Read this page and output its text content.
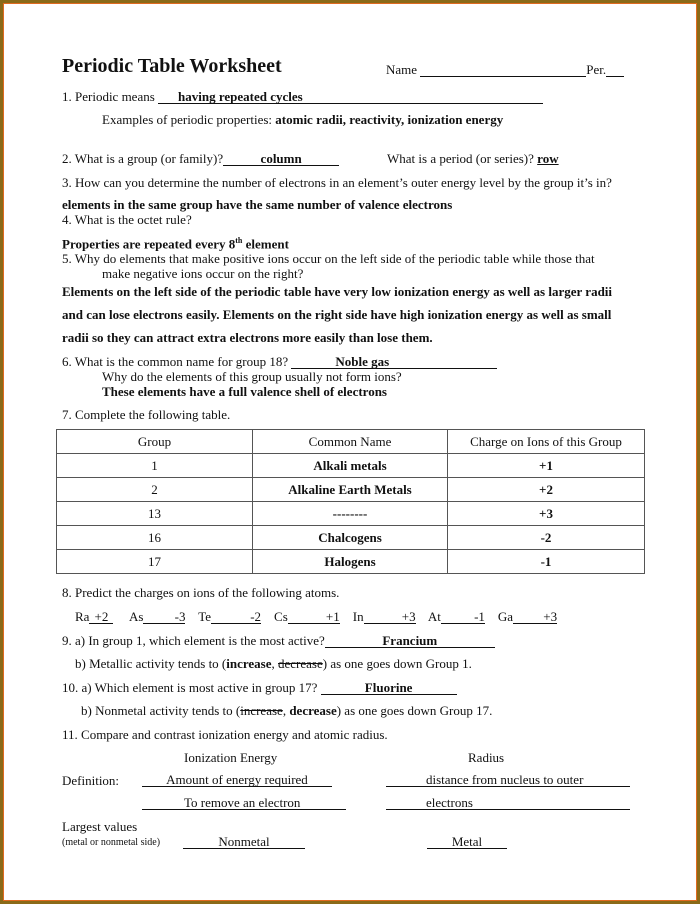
Periodic Table Worksheet	Name	Per.
1. Periodic means having repeated cycles
Examples of periodic properties: atomic radii, reactivity, ionization energy
2. What is a group (or family)?	column	What is a period (or series)? row
3. How can you determine the number of electrons in an element’s outer energy level by the group it’s in?
elements in the same group have the same number of valence electrons
4. What is the octet rule?
Properties are repeated every 8th element
5. Why do elements that make positive ions occur on the left side of the periodic table while those that
make negative ions occur on the right?
Elements on the left side of the periodic table have very low ionization energy as well as larger radii
and can lose electrons easily. Elements on the right side have high ionization energy as well as small
radii so they can attract extra electrons more easily than lose them.
6. What is the common name for group 18?	Noble gas
Why do the elements of this group usually not form ions?
These elements have a full valence shell of electrons
7. Complete the following table.
Group	Common Name	Charge on Ions of this Group
1	Alkali metals	+1
2	Alkaline Earth Metals	+2
13	--------	+3
16	Chalcogens	-2
17	Halogens	-1
8. Predict the charges on ions of the following atoms.
Ra +2 As -3 Te	-2 Cs	+1 In	+3 At	-1 Ga +3
9. a) In group 1, which element is the most active?	Francium
b) Metallic activity tends to (increase, decrease) as one goes down Group 1.
10. a) Which element is most active in group 17?	Fluorine
b) Nonmetal activity tends to (increase, decrease) as one goes down Group 17.
11. Compare and contrast ionization energy and atomic radius.
Ionization Energy	Radius
Definition:	Amount of energy required	distance from nucleus to outer
To remove an electron	electrons
Largest values
(metal or nonmetal side)	Nonmetal	Metal
